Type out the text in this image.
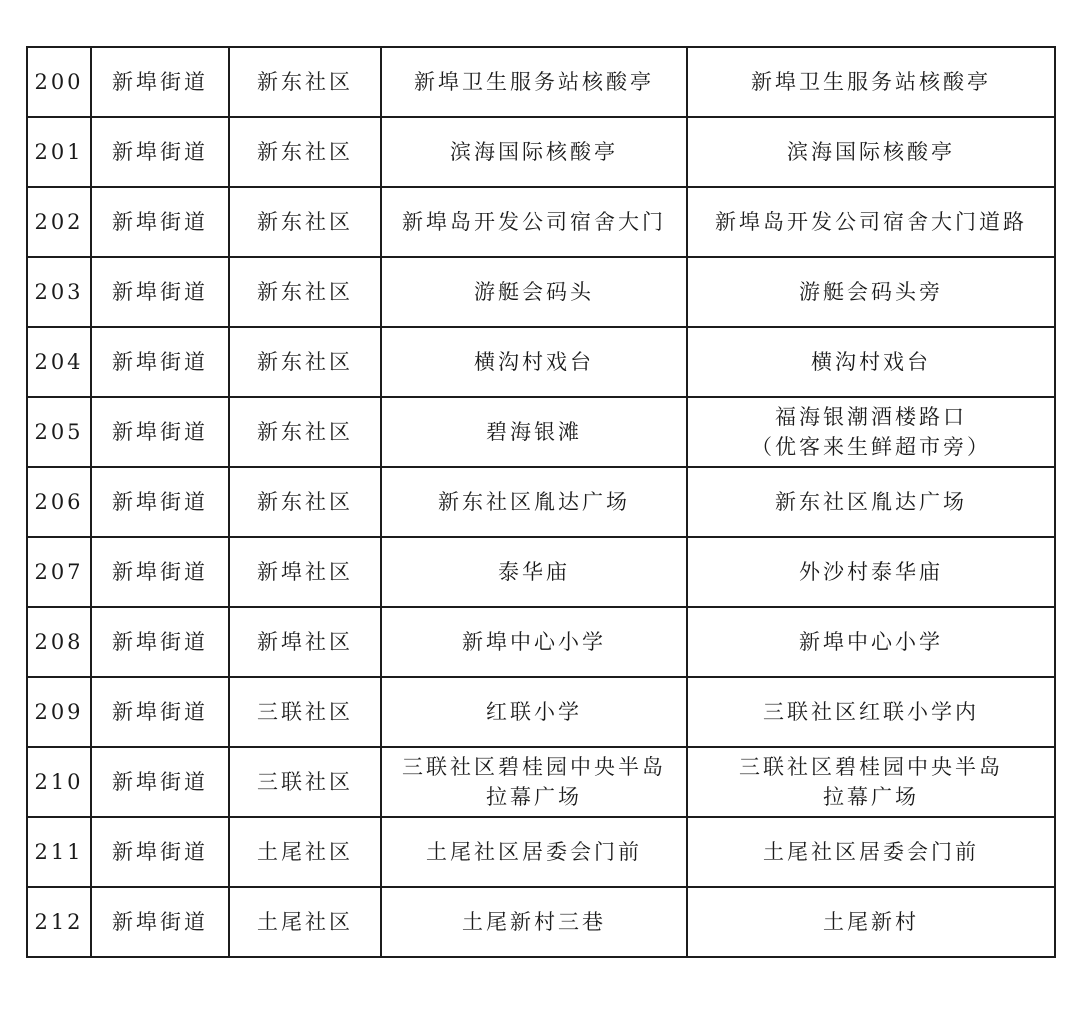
200	新埠街道	新东社区	新埠卫生服务站核酸亭	新埠卫生服务站核酸亭

201	新埠街道	新东社区	滨海国际核酸亭	滨海国际核酸亭

202	新埠街道	新东社区	新埠岛开发公司宿舍大门	新埠岛开发公司宿舍大门道路

203	新埠街道	新东社区	游艇会码头	游艇会码头旁

204	新埠街道	新东社区	横沟村戏台	横沟村戏台

205	新埠街道	新东社区	碧海银滩	福海银潮酒楼路口
（优客来生鲜超市旁）

206	新埠街道	新东社区	新东社区胤达广场	新东社区胤达广场

207	新埠街道	新埠社区	泰华庙	外沙村泰华庙

208	新埠街道	新埠社区	新埠中心小学	新埠中心小学

209	新埠街道	三联社区	红联小学	三联社区红联小学内

210	新埠街道	三联社区	三联社区碧桂园中央半岛
拉幕广场	三联社区碧桂园中央半岛
拉幕广场

211	新埠街道	土尾社区	土尾社区居委会门前	土尾社区居委会门前

212	新埠街道	土尾社区	土尾新村三巷	土尾新村
